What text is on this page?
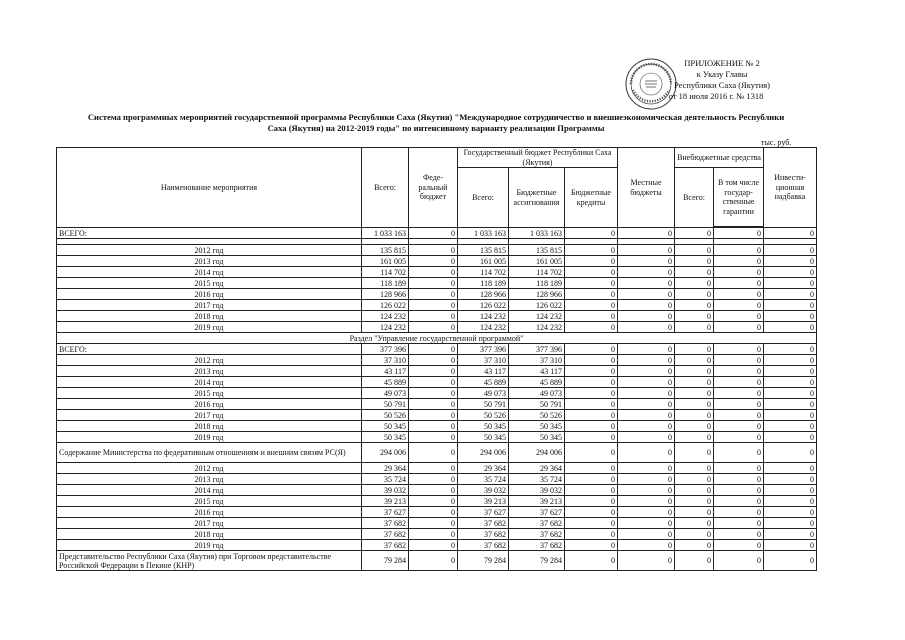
ПРИЛОЖЕНИЕ № 2
к Указу Главы
Республики Саха (Якутия)
от 18 июля 2016 г. № 1318
Система программных мероприятий государственной программы Республики Саха (Якутия) "Международное сотрудничество и внешнеэкономическая деятельность Республики
Саха (Якутия) на 2012-2019 годы" по интенсивному варианту реализации Программы
тыс. руб.
Наименование мероприятия	Всего:	Феде-ральный бюджет	Государственный бюджет Республики Саха (Якутия)			Местные бюджеты	Внебюджетные средства		Инвести-ционная надбавка
			Всего:	Бюджетные ассигнования	Бюджетные кредиты		Всего:	В том числе государ-ственные гарантии	

ВСЕГО:	1 033 163	0	1 033 163	1 033 163	0	0	0	0	0

2012 год	135 815	0	135 815	135 815	0	0	0	0	0
2013 год	161 005	0	161 005	161 005	0	0	0	0	0
2014 год	114 702	0	114 702	114 702	0	0	0	0	0
2015 год	118 189	0	118 189	118 189	0	0	0	0	0
2016 год	128 966	0	128 966	128 966	0	0	0	0	0
2017 год	126 022	0	126 022	126 022	0	0	0	0	0
2018 год	124 232	0	124 232	124 232	0	0	0	0	0
2019 год	124 232	0	124 232	124 232	0	0	0	0	0
Раздел "Управление государственной программой"									
ВСЕГО:	377 396	0	377 396	377 396	0	0	0	0	0
2012 год	37 310	0	37 310	37 310	0	0	0	0	0
2013 год	43 117	0	43 117	43 117	0	0	0	0	0
2014 год	45 889	0	45 889	45 889	0	0	0	0	0
2015 год	49 073	0	49 073	49 073	0	0	0	0	0
2016 год	50 791	0	50 791	50 791	0	0	0	0	0
2017 год	50 526	0	50 526	50 526	0	0	0	0	0
2018 год	50 345	0	50 345	50 345	0	0	0	0	0
2019 год	50 345	0	50 345	50 345	0	0	0	0	0
Содержание Министерства по федеративным отношениям и внешним связям РС(Я)	294 006	0	294 006	294 006	0	0	0	0	0
2012 год	29 364	0	29 364	29 364	0	0	0	0	0
2013 год	35 724	0	35 724	35 724	0	0	0	0	0
2014 год	39 032	0	39 032	39 032	0	0	0	0	0
2015 год	39 213	0	39 213	39 213	0	0	0	0	0
2016 год	37 627	0	37 627	37 627	0	0	0	0	0
2017 год	37 682	0	37 682	37 682	0	0	0	0	0
2018 год	37 682	0	37 682	37 682	0	0	0	0	0
2019 год	37 682	0	37 682	37 682	0	0	0	0	0
Представительство Республики Саха (Якутия) при Торговом представительстве Российской Федерации в Пекине (КНР)	79 284	0	79 284	79 284	0	0	0	0	0
